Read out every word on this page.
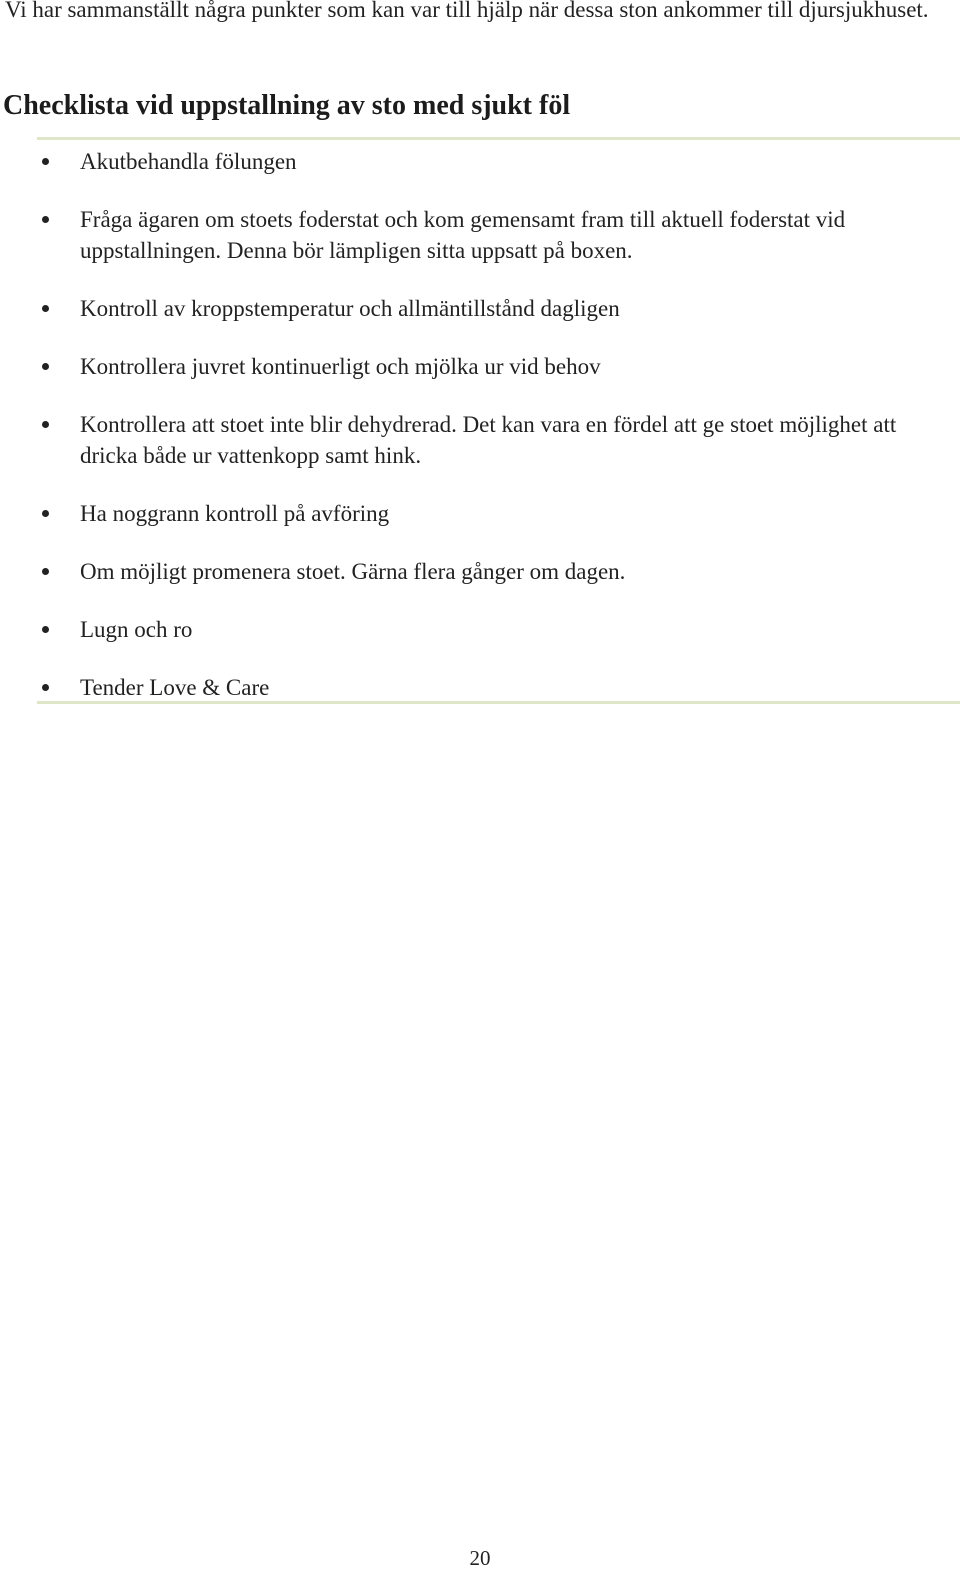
Vi har sammanställt några punkter som kan var till hjälp när dessa ston ankommer till djursjukhuset.

Checklista vid uppstallning av sto med sjukt föl
Akutbehandla fölungen
Fråga ägaren om stoets foderstat och kom gemensamt fram till aktuell foderstat vid uppstallningen. Denna bör lämpligen sitta uppsatt på boxen.
Kontroll av kroppstemperatur och allmäntillstånd dagligen
Kontrollera juvret kontinuerligt och mjölka ur vid behov
Kontrollera att stoet inte blir dehydrerad. Det kan vara en fördel att ge stoet möjlighet att dricka både ur vattenkopp samt hink.
Ha noggrann kontroll på avföring
Om möjligt promenera stoet. Gärna flera gånger om dagen.
Lugn och ro
Tender Love & Care

20
